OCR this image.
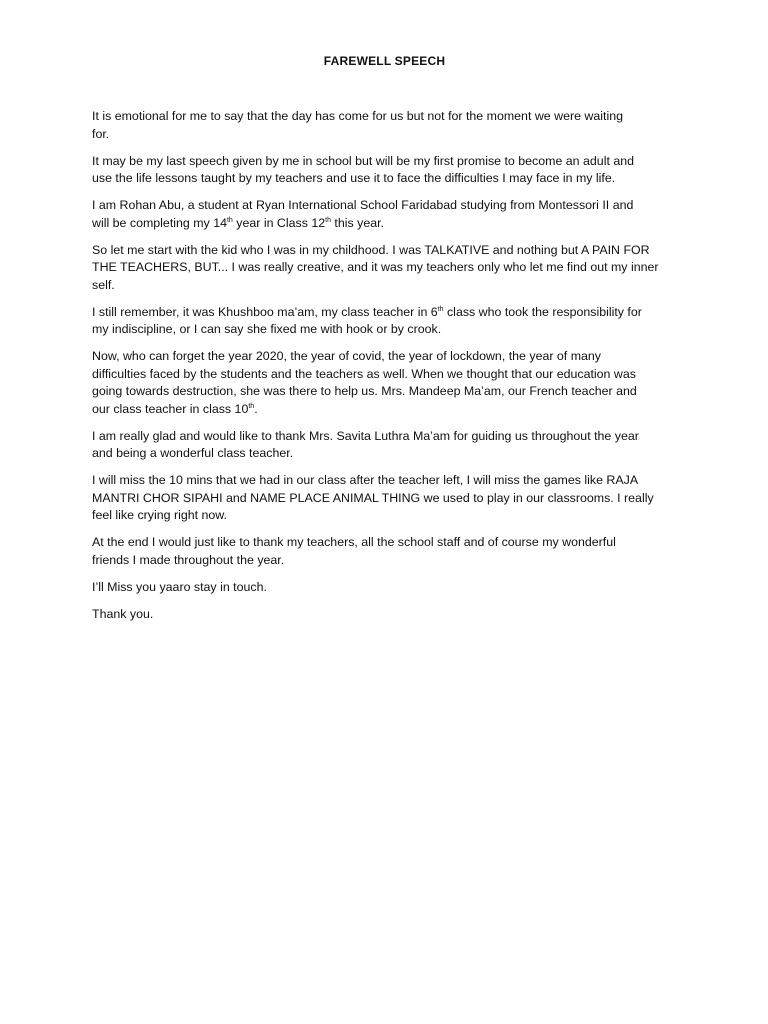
FAREWELL SPEECH

It is emotional for me to say that the day has come for us but not for the moment we were waiting
for.

It may be my last speech given by me in school but will be my first promise to become an adult and
use the life lessons taught by my teachers and use it to face the difficulties I may face in my life.

I am Rohan Abu, a student at Ryan International School Faridabad studying from Montessori II and
will be completing my 14th year in Class 12th this year.

So let me start with the kid who I was in my childhood. I was TALKATIVE and nothing but A PAIN FOR
THE TEACHERS, BUT... I was really creative, and it was my teachers only who let me find out my inner
self.

I still remember, it was Khushboo ma’am, my class teacher in 6th class who took the responsibility for
my indiscipline, or I can say she fixed me with hook or by crook.

Now, who can forget the year 2020, the year of covid, the year of lockdown, the year of many
difficulties faced by the students and the teachers as well. When we thought that our education was
going towards destruction, she was there to help us. Mrs. Mandeep Ma’am, our French teacher and
our class teacher in class 10th.

I am really glad and would like to thank Mrs. Savita Luthra Ma’am for guiding us throughout the year
and being a wonderful class teacher.

I will miss the 10 mins that we had in our class after the teacher left, I will miss the games like RAJA
MANTRI CHOR SIPAHI and NAME PLACE ANIMAL THING we used to play in our classrooms. I really
feel like crying right now.

At the end I would just like to thank my teachers, all the school staff and of course my wonderful
friends I made throughout the year.

I’ll Miss you yaaro stay in touch.

Thank you.
